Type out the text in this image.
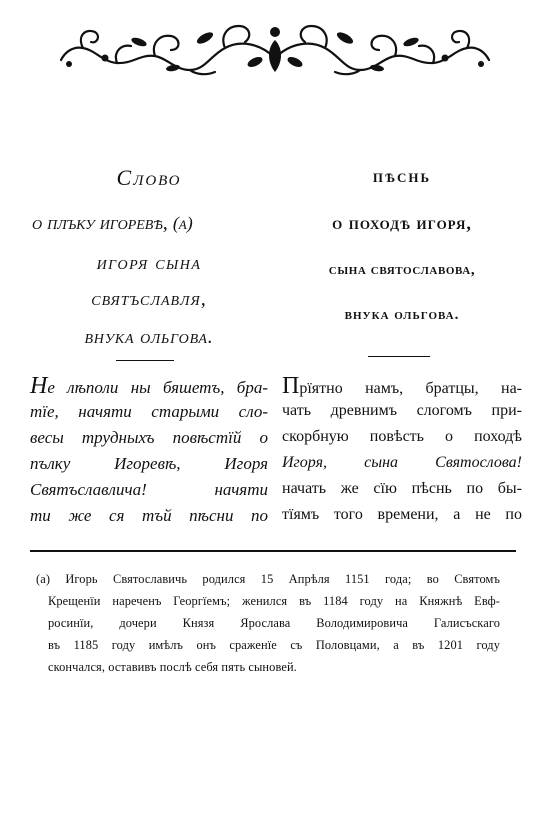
Слово
о плъку игоревѣ, (а)
игоря сына
святъславля,
внука ольгова.
Не лѣполи ны бяшетъ, бра-
тїе, начяти старыми сло-
весы трудныхъ повѣстїй о
пълку Игоревѣ, Игоря
Святъславлича! начяти
ти же ся тъй пѣсни по
пѣснь
о походѣ игоря,
сына святославова,
внука ольгова.
Прїятно намъ, братцы, на-
чать древнимъ слогомъ при-
скорбную повѣсть о походѣ
Игоря, сына Святослова!
начать же сїю пѣснь по бы-
тїямъ того времени, а не по
(а) Игорь Святославичь родился 15 Апрѣля 1151 года; во Святомъ
Крещенїи нареченъ Георгїемъ; женился въ 1184 году на Княжнѣ Евф-
росинїи, дочери Князя Ярослава Володимировича Галисъскаго
въ 1185 году имѣлъ онъ сраженїе съ Половцами, а въ 1201 году
скончался, оставивъ послѣ себя пять сыновей.
